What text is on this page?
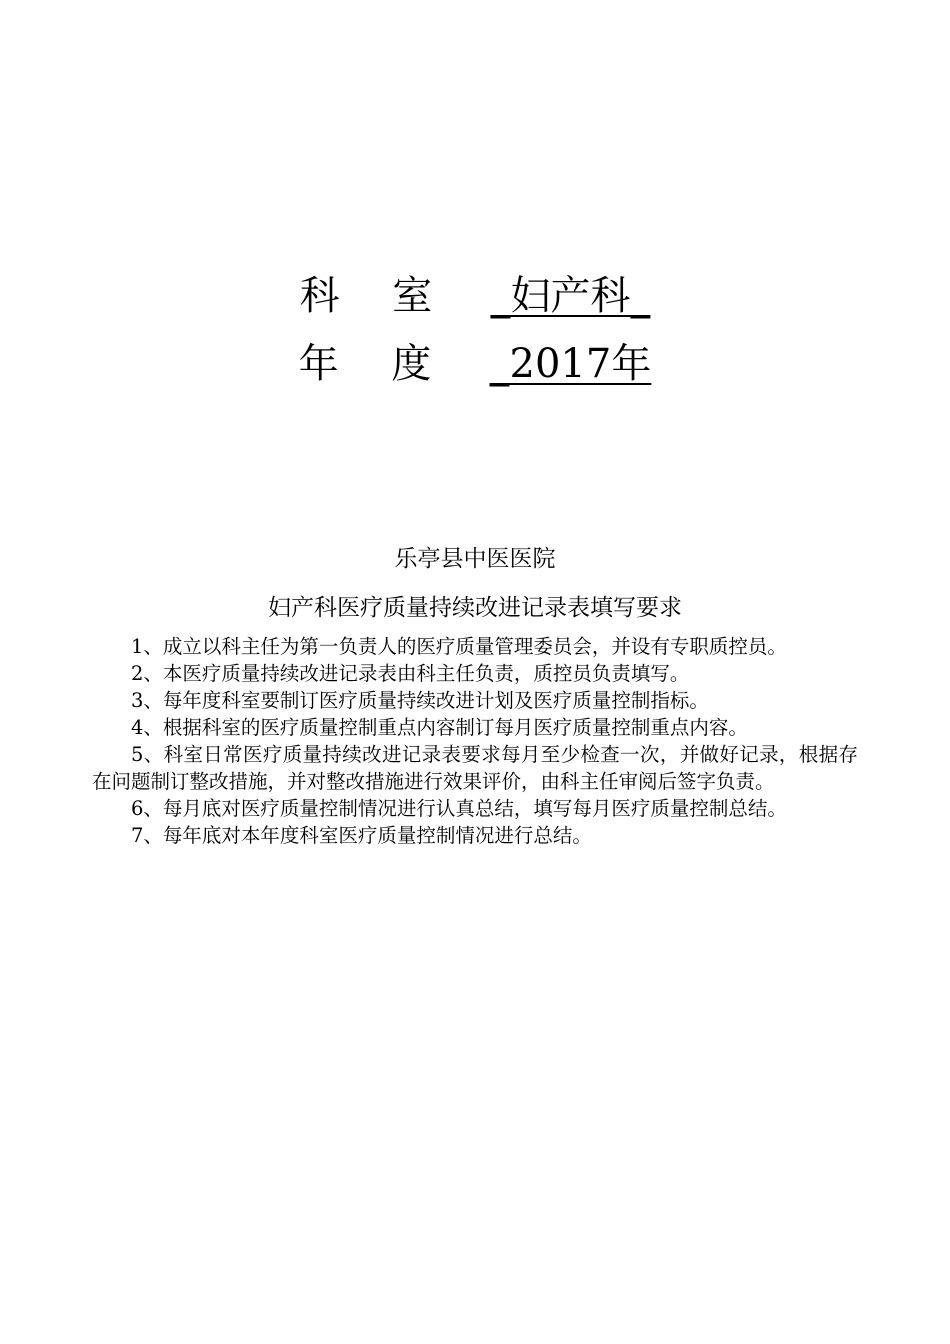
科 室 _妇产科_
年 度 _2017年
乐亭县中医医院
妇产科医疗质量持续改进记录表填写要求

1、成立以科主任为第一负责人的医疗质量管理委员会，并设有专职质控员。

2、本医疗质量持续改进记录表由科主任负责，质控员负责填写。

3、每年度科室要制订医疗质量持续改进计划及医疗质量控制指标。

4、根据科室的医疗质量控制重点内容制订每月医疗质量控制重点内容。

5、科室日常医疗质量持续改进记录表要求每月至少检查一次，并做好记录，根据存在问题制订整改措施，并对整改措施进行效果评价，由科主任审阅后签字负责。

6、每月底对医疗质量控制情况进行认真总结，填写每月医疗质量控制总结。

7、每年底对本年度科室医疗质量控制情况进行总结。
